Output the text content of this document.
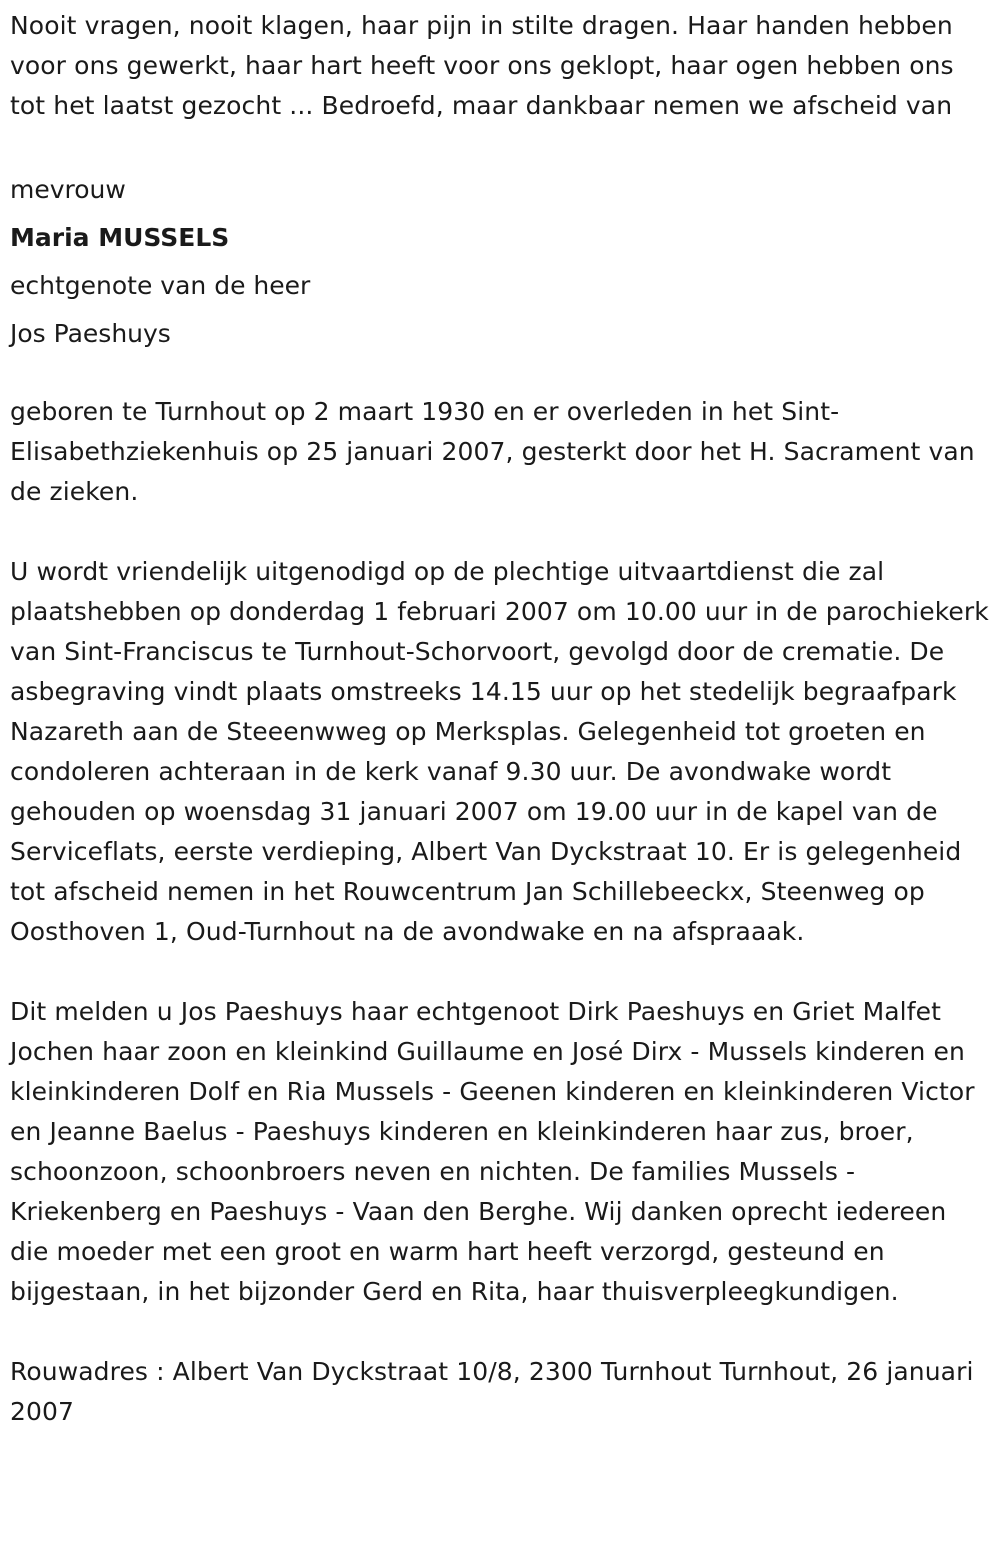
Nooit vragen, nooit klagen, haar pijn in stilte dragen. Haar handen hebben voor ons gewerkt, haar hart heeft voor ons geklopt, haar ogen hebben ons tot het laatst gezocht ... Bedroefd, maar dankbaar nemen we afscheid van

mevrouw
Maria MUSSELS
echtgenote van de heer
Jos Paeshuys

geboren te Turnhout op 2 maart 1930 en er overleden in het Sint-Elisabethziekenhuis op 25 januari 2007, gesterkt door het H. Sacrament van de zieken.

U wordt vriendelijk uitgenodigd op de plechtige uitvaartdienst die zal plaatshebben op donderdag 1 februari 2007 om 10.00 uur in de parochiekerk van Sint-Franciscus te Turnhout-Schorvoort, gevolgd door de crematie. De asbegraving vindt plaats omstreeks 14.15 uur op het stedelijk begraafpark Nazareth aan de Steeenwweg op Merksplas. Gelegenheid tot groeten en condoleren achteraan in de kerk vanaf 9.30 uur. De avondwake wordt gehouden op woensdag 31 januari 2007 om 19.00 uur in de kapel van de Serviceflats, eerste verdieping, Albert Van Dyckstraat 10. Er is gelegenheid tot afscheid nemen in het Rouwcentrum Jan Schillebeeckx, Steenweg op Oosthoven 1, Oud-Turnhout na de avondwake en na afspraaak.

Dit melden u Jos Paeshuys haar echtgenoot Dirk Paeshuys en Griet Malfet Jochen haar zoon en kleinkind Guillaume en José Dirx - Mussels kinderen en kleinkinderen Dolf en Ria Mussels - Geenen kinderen en kleinkinderen Victor en Jeanne Baelus - Paeshuys kinderen en kleinkinderen haar zus, broer, schoonzoon, schoonbroers neven en nichten. De families Mussels - Kriekenberg en Paeshuys - Vaan den Berghe. Wij danken oprecht iedereen die moeder met een groot en warm hart heeft verzorgd, gesteund en bijgestaan, in het bijzonder Gerd en Rita, haar thuisverpleegkundigen.

Rouwadres : Albert Van Dyckstraat 10/8, 2300 Turnhout Turnhout, 26 januari 2007
